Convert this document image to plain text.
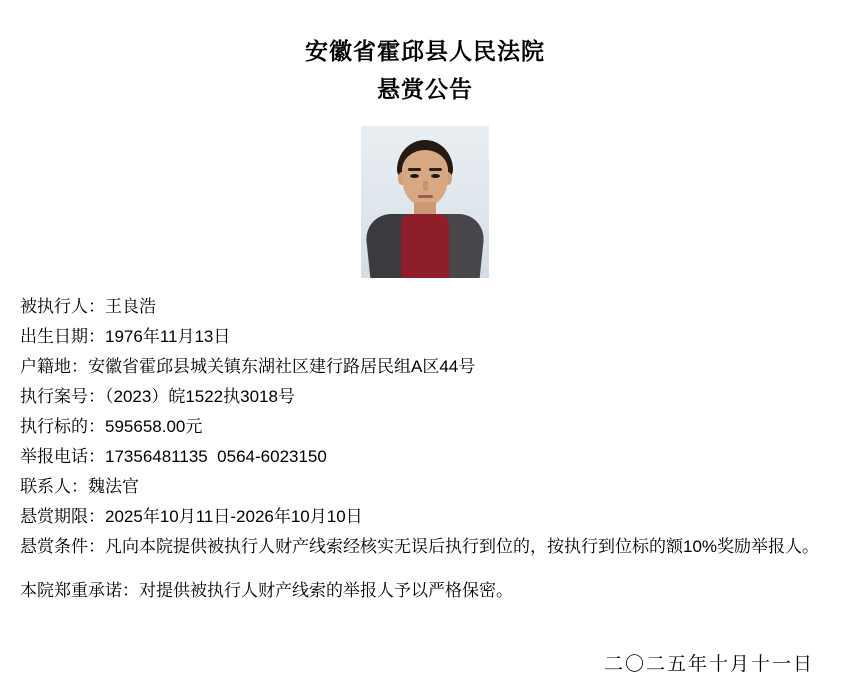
安徽省霍邱县人民法院
悬赏公告
被执行人：王良浩
出生日期：1976年11月13日
户籍地：安徽省霍邱县城关镇东湖社区建行路居民组A区44号
执行案号：（2023）皖1522执3018号
执行标的：595658.00元
举报电话：17356481135  0564-6023150
联系人：魏法官
悬赏期限：2025年10月11日-2026年10月10日
悬赏条件：凡向本院提供被执行人财产线索经核实无误后执行到位的，按执行到位标的额10%奖励举报人。
本院郑重承诺：对提供被执行人财产线索的举报人予以严格保密。
二〇二五年十月十一日
